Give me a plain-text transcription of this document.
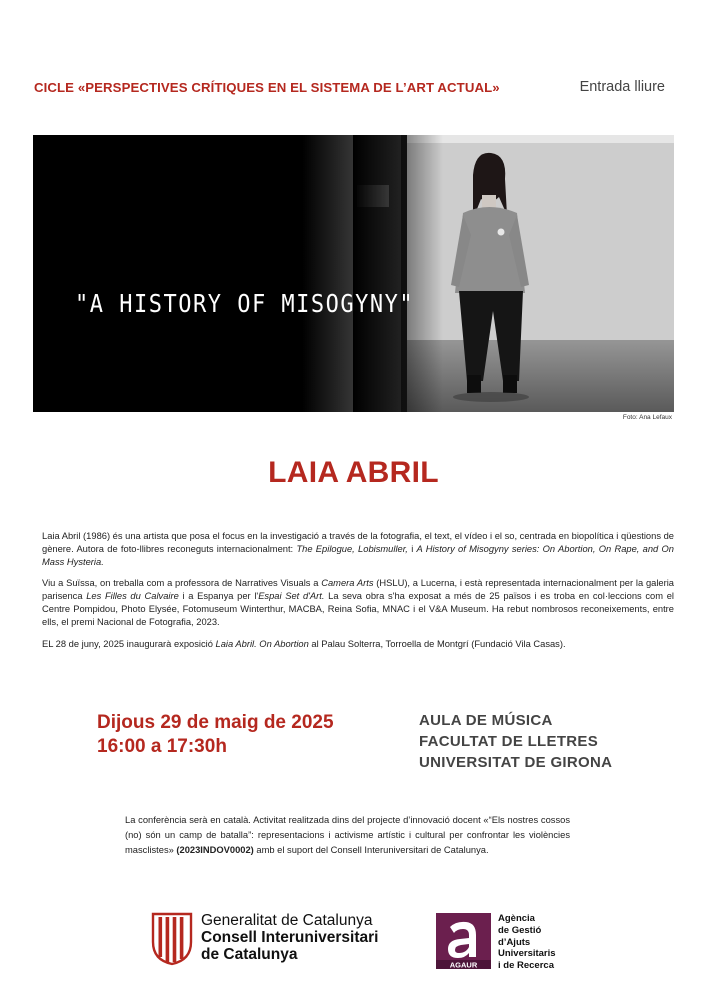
CICLE «PERSPECTIVES CRÍTIQUES EN EL SISTEMA DE L’ART ACTUAL»	Entrada lliure
"A HISTORY OF MISOGYNY"
Foto: Ana Lefaux
LAIA ABRIL

Laia Abril (1986) és una artista que posa el focus en la investigació a través de la fotografia, el text, el vídeo i el so, centrada en biopolítica i qüestions de gènere. Autora de foto-llibres reconeguts internacionalment: The Epilogue, Lobismuller, i A History of Misogyny series: On Abortion, On Rape, and On Mass Hysteria.

Viu a Suïssa, on treballa com a professora de Narratives Visuals a Camera Arts (HSLU), a Lucerna, i està representada internacionalment per la galeria parisenca Les Filles du Calvaire i a Espanya per l'Espai Set d'Art. La seva obra s'ha exposat a més de 25 països i es troba en col·leccions com el Centre Pompidou, Photo Elysée, Fotomuseum Winterthur, MACBA, Reina Sofia, MNAC i el V&A Museum. Ha rebut nombrosos reconeixements, entre ells, el premi Nacional de Fotografia, 2023.

EL 28 de juny, 2025 inaugurarà exposició Laia Abril. On Abortion al Palau Solterra, Torroella de Montgrí (Fundació Vila Casas).

Dijous 29 de maig de 2025
16:00 a 17:30h
AULA DE MÚSICA
FACULTAT DE LLETRES
UNIVERSITAT DE GIRONA
La conferència serà en català. Activitat realitzada dins del projecte d’innovació docent «“Els nostres cossos (no) són un camp de batalla”: representacions i activisme artístic i cultural per confrontar les violències masclistes» (2023INDOV0002) amb el suport del Consell Interuniversitari de Catalunya.
Generalitat de Catalunya
Consell Interuniversitari
de Catalunya
AGAUR
Agència
de Gestió
d’Ajuts
Universitaris
i de Recerca
